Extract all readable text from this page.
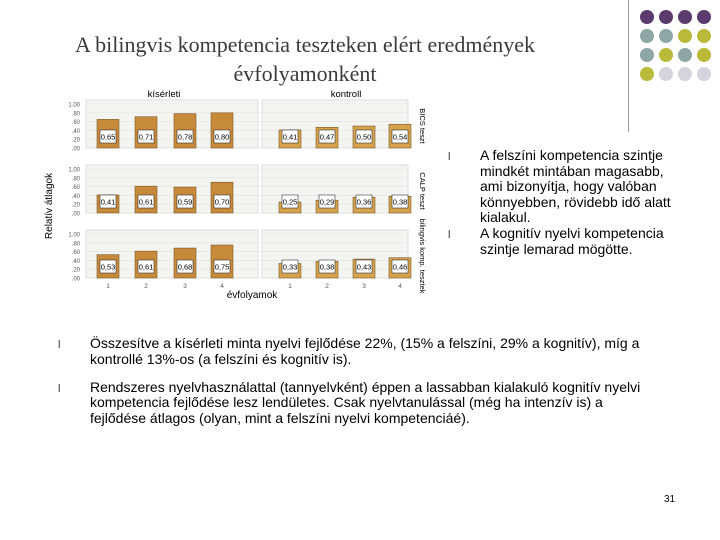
A bilingvis kompetencia teszteken elért eredmények évfolyamonként
Relatív átlagok
kísérleti	kontroll
.00
.20
.40
.60
.80
1.00
0,65	0,71	0,78	0,80	0,41	0,47	0,50	0,54 BICS teszt
.00
.20
.40
.60
.80
1.00
0,41	0,61	0,59	0,70	0,25	0,29	0,36	0,38 CALP teszt
.00
.20
.40
.60
.80
1.00
0,53	0,61	0,68	0,75	0,33	0,38	0,43	0,46 bilingvis komp. tesztek
1	2	3	4	1	2	3	4
évfolyamok
l A felszíni kompetencia szintje mindkét mintában magasabb, ami bizonyítja, hogy valóban könnyebben, rövidebb idő alatt kialakul.
l A kognitív nyelvi kompetencia szintje lemarad mögötte.
l Összesítve a kísérleti minta nyelvi fejlődése 22%, (15% a felszíni, 29% a kognitív), míg a kontrollé 13%-os (a felszíni és kognitív is).
l Rendszeres nyelvhasználattal (tannyelvként) éppen a lassabban kialakuló kognitív nyelvi kompetencia fejlődése lesz lendületes. Csak nyelvtanulással (még ha intenzív is) a fejlődése átlagos (olyan, mint a felszíni nyelvi kompetenciáé).
31
